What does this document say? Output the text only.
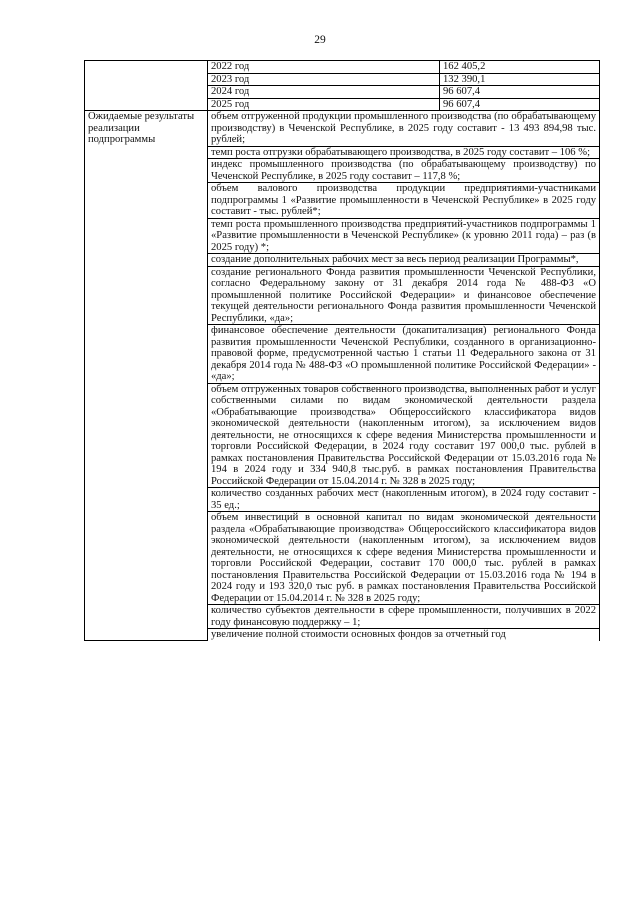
29
	2022 год	162 405,2
	2023 год	132 390,1
	2024 год	96 607,4
	2025 год	96 607,4
Ожидаемые результаты реализации подпрограммы	объем отгруженной продукции промышленного производства (по обрабатывающему производству) в Чеченской Республике, в 2025 году составит - 13 493 894,98 тыс. рублей;	
	темп роста отгрузки обрабатывающего производства, в 2025 году составит – 106 %;	
	индекс промышленного производства (по обрабатывающему производству) по Чеченской Республике, в 2025 году составит – 117,8 %;	
	объем валового производства продукции предприятиями-участниками подпрограммы 1 «Развитие промышленности в Чеченской Республике» в 2025 году составит - тыс. рублей*;	
	темп роста промышленного производства предприятий-участников подпрограммы 1 «Развитие промышленности в Чеченской Республике» (к уровню 2011 года) – раз (в 2025 году) *;	
	создание дополнительных рабочих мест за весь период реализации Программы*,	
	создание регионального Фонда развития промышленности Чеченской Республики, согласно Федеральному закону от 31 декабря 2014 года № 488-ФЗ «О промышленной политике Российской Федерации» и финансовое обеспечение текущей деятельности регионального Фонда развития промышленности Чеченской Республики, «да»;	
	финансовое обеспечение деятельности (докапитализация) регионального Фонда развития промышленности Чеченской Республики, созданного в организационно-правовой форме, предусмотренной частью 1 статьи 11 Федерального закона от 31 декабря 2014 года № 488-ФЗ «О промышленной политике Российской Федерации» - «да»;	
	объем отгруженных товаров собственного производства, выполненных работ и услуг собственными силами по видам экономической деятельности раздела «Обрабатывающие производства» Общероссийского классификатора видов экономической деятельности (накопленным итогом), за исключением видов деятельности, не относящихся к сфере ведения Министерства промышленности и торговли Российской Федерации, в 2024 году составит 197 000,0 тыс. рублей в рамках постановления Правительства Российской Федерации от 15.03.2016 года № 194 в 2024 году и 334 940,8 тыс.руб. в рамках постановления Правительства Российской Федерации от 15.04.2014 г. № 328 в 2025 году;	
	количество созданных рабочих мест (накопленным итогом), в 2024 году составит - 35 ед.;	
	объем инвестиций в основной капитал по видам экономической деятельности раздела «Обрабатывающие производства» Общероссийского классификатора видов экономической деятельности (накопленным итогом), за исключением видов деятельности, не относящихся к сфере ведения Министерства промышленности и торговли Российской Федерации, составит 170 000,0 тыс. рублей в рамках постановления Правительства Российской Федерации от 15.03.2016 года № 194 в 2024 году и 193 320,0 тыс руб. в рамках постановления Правительства Российской Федерации от 15.04.2014 г. № 328 в 2025 году;	
	количество субъектов деятельности в сфере промышленности, получивших в 2022 году финансовую поддержку – 1;	
	увеличение полной стоимости основных фондов за отчетный год	
